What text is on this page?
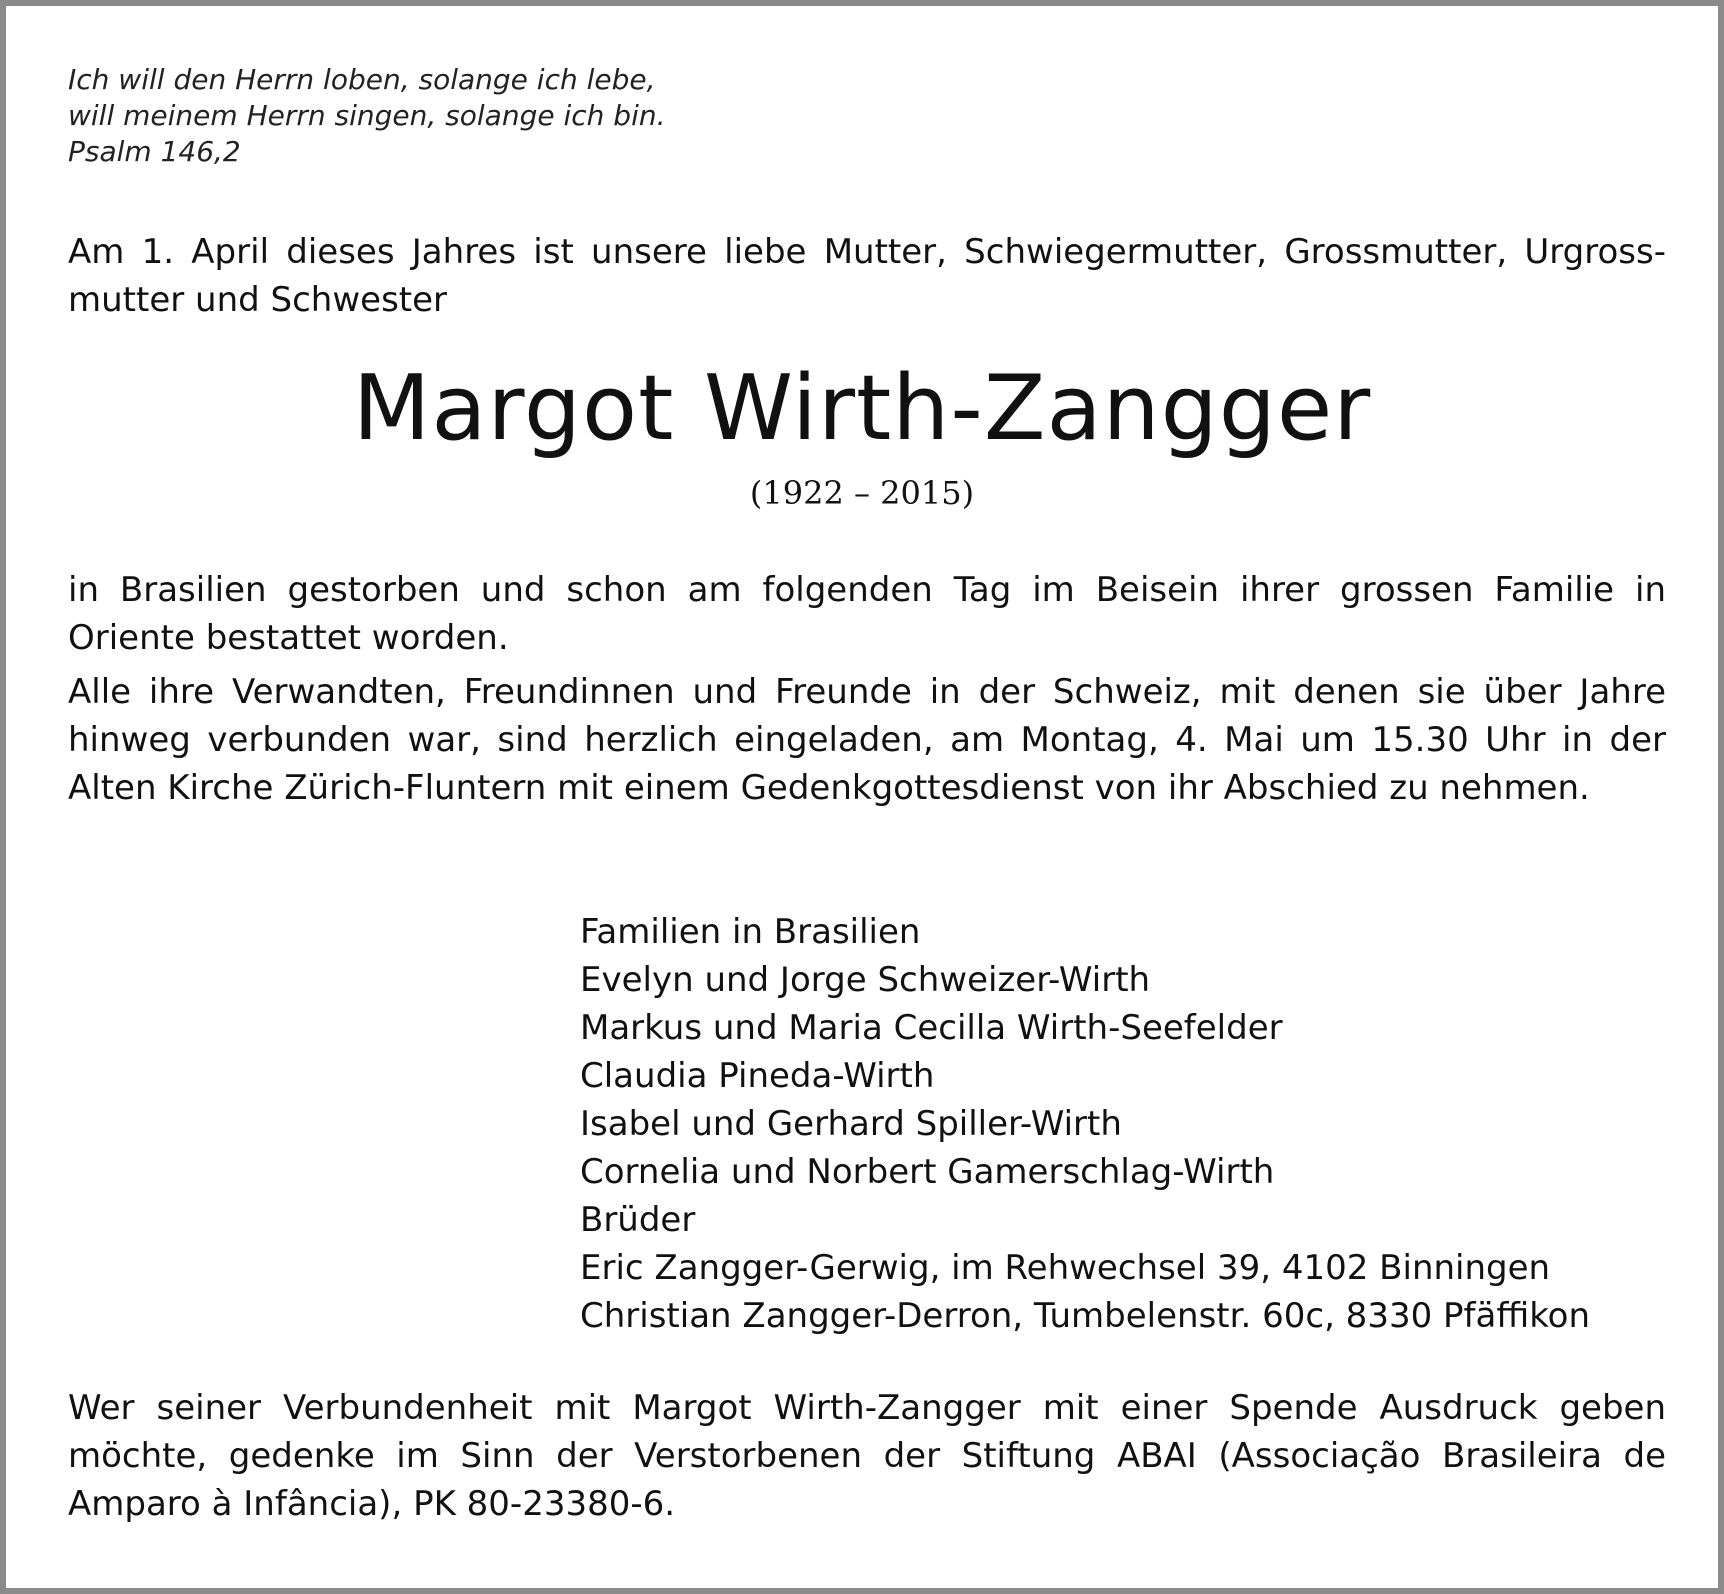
Ich will den Herrn loben, solange ich lebe,
will meinem Herrn singen, solange ich bin.
Psalm 146,2
Am 1. April dieses Jahres ist unsere liebe Mutter, Schwiegermutter, Grossmutter, Urgross-mutter und Schwester
Margot Wirth-Zangger
(1922 – 2015)
in Brasilien gestorben und schon am folgenden Tag im Beisein ihrer grossen Familie in Oriente bestattet worden.
Alle ihre Verwandten, Freundinnen und Freunde in der Schweiz, mit denen sie über Jahre hinweg verbunden war, sind herzlich eingeladen, am Montag, 4. Mai um 15.30 Uhr in der Alten Kirche Zürich-Fluntern mit einem Gedenkgottesdienst von ihr Abschied zu nehmen.
Familien in Brasilien
Evelyn und Jorge Schweizer-Wirth
Markus und Maria Cecilla Wirth-Seefelder
Claudia Pineda-Wirth
Isabel und Gerhard Spiller-Wirth
Cornelia und Norbert Gamerschlag-Wirth
Brüder
Eric Zangger-Gerwig, im Rehwechsel 39, 4102 Binningen
Christian Zangger-Derron, Tumbelenstr. 60c, 8330 Pfäffikon
Wer seiner Verbundenheit mit Margot Wirth-Zangger mit einer Spende Ausdruck geben möchte, gedenke im Sinn der Verstorbenen der Stiftung ABAI (Associação Brasileira de Amparo à Infância), PK 80-23380-6.
